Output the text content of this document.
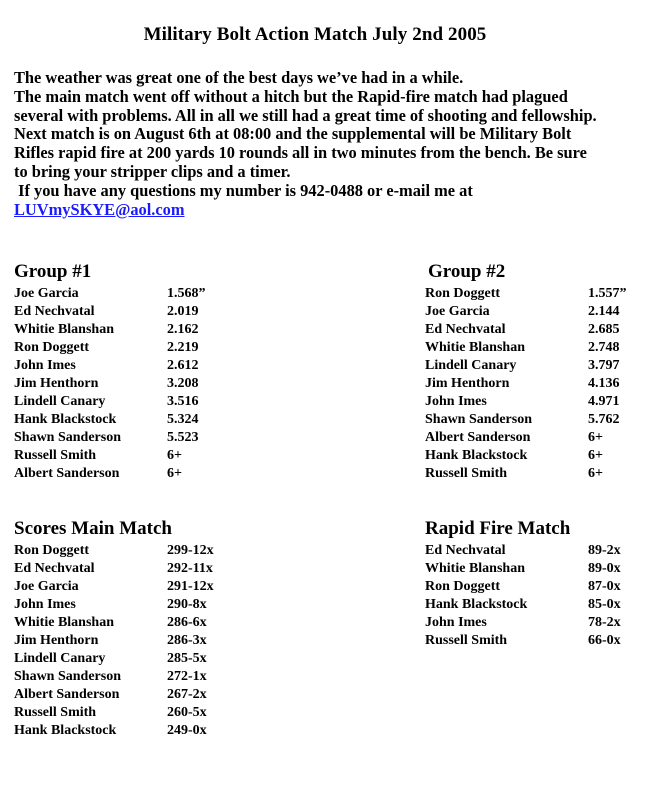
Military Bolt Action Match July 2nd 2005

The weather was great one of the best days we’ve had in a while.

The main match went off without a hitch but the Rapid-fire match had plagued

several with problems. All in all we still had a great time of shooting and fellowship.

Next match is on August 6th at 08:00 and the supplemental will be Military Bolt

Rifles rapid fire at 200 yards 10 rounds all in two minutes from the bench. Be sure

to bring your stripper clips and a timer.

If you have any questions my number is 942-0488 or e-mail me at

LUVmySKYE@aol.com

Group #1
Joe Garcia	1.568”
Ed Nechvatal	2.019
Whitie Blanshan	2.162
Ron Doggett	2.219
John Imes	2.612
Jim Henthorn	3.208
Lindell Canary	3.516
Hank Blackstock	5.324
Shawn Sanderson	5.523
Russell Smith	6+
Albert Sanderson	6+
Group #2
Ron Doggett	1.557”
Joe Garcia	2.144
Ed Nechvatal	2.685
Whitie Blanshan	2.748
Lindell Canary	3.797
Jim Henthorn	4.136
John Imes	4.971
Shawn Sanderson	5.762
Albert Sanderson	6+
Hank Blackstock	6+
Russell Smith	6+
Scores Main Match
Ron Doggett	299-12x
Ed Nechvatal	292-11x
Joe Garcia	291-12x
John Imes	290-8x
Whitie Blanshan	286-6x
Jim Henthorn	286-3x
Lindell Canary	285-5x
Shawn Sanderson	272-1x
Albert Sanderson	267-2x
Russell Smith	260-5x
Hank Blackstock	249-0x
Rapid Fire Match
Ed Nechvatal	89-2x
Whitie Blanshan	89-0x
Ron Doggett	87-0x
Hank Blackstock	85-0x
John Imes	78-2x
Russell Smith	66-0x
